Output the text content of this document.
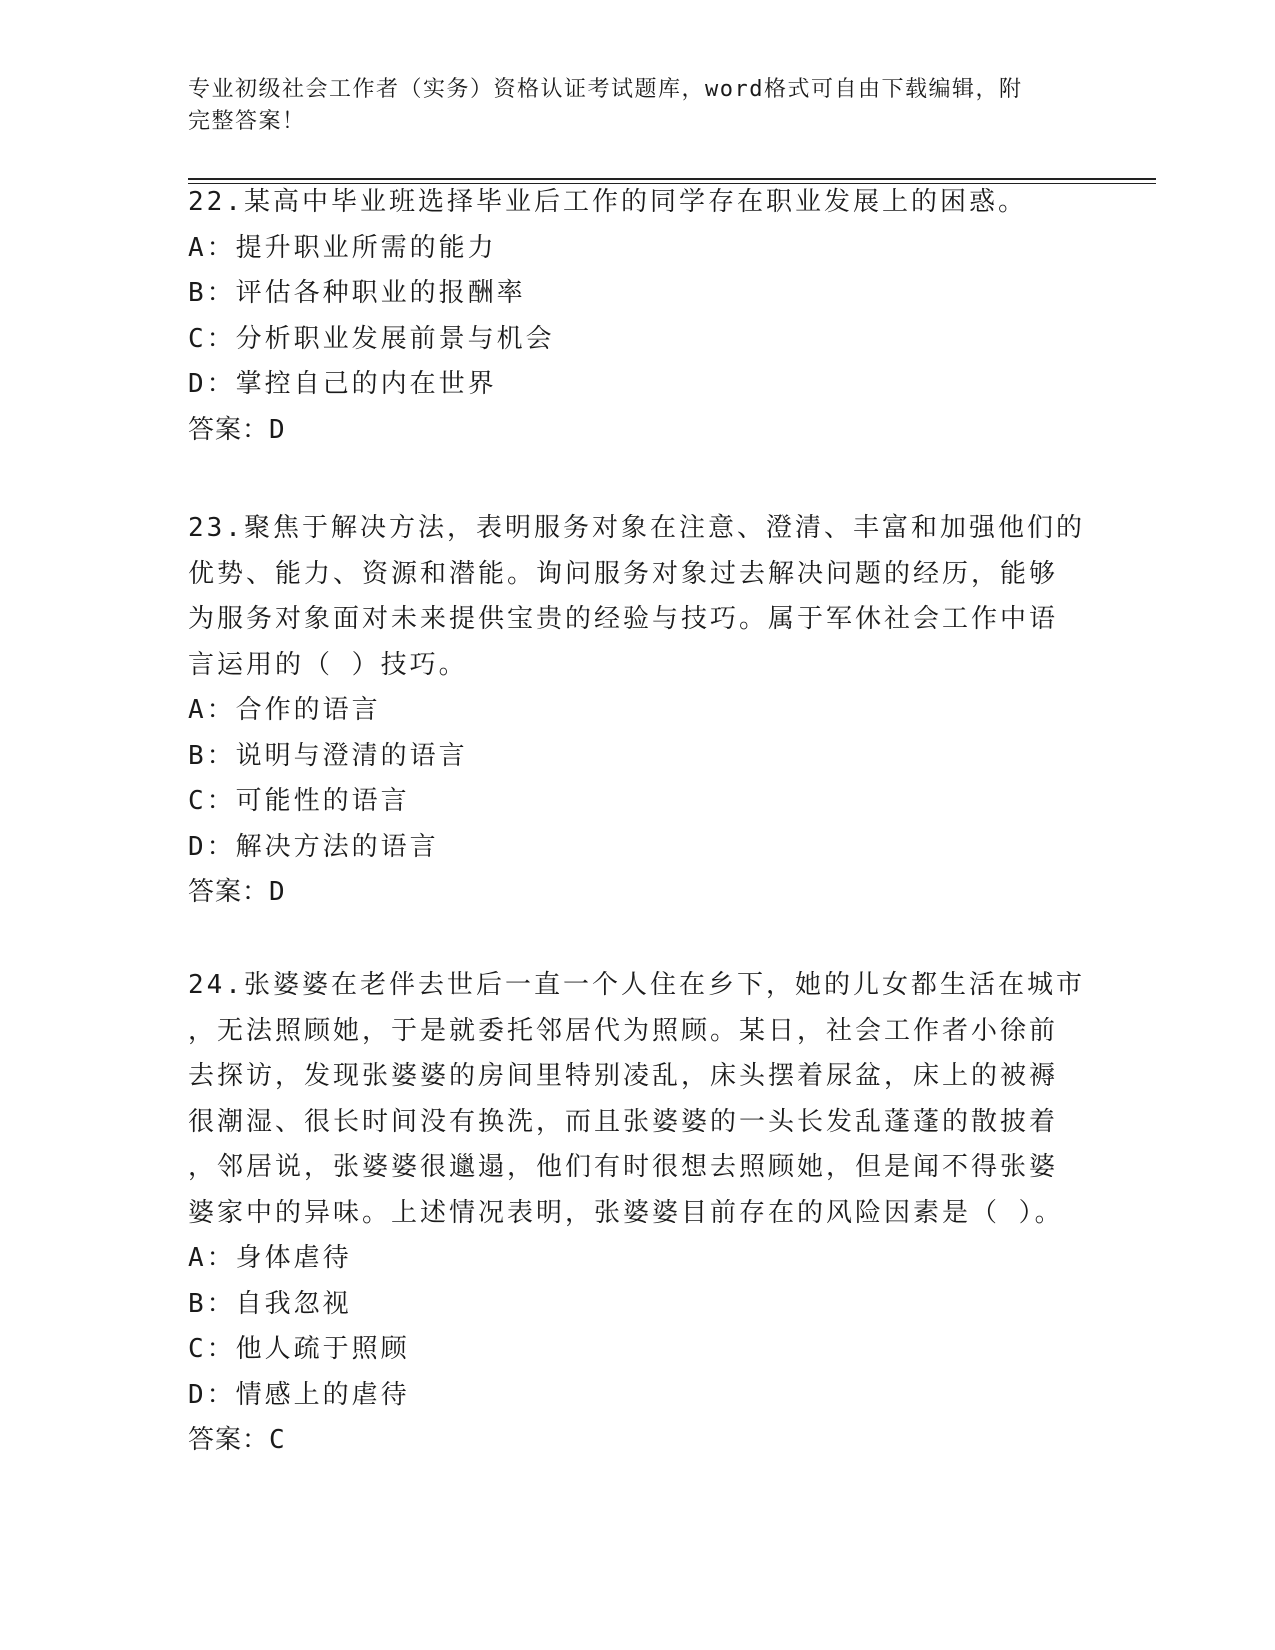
专业初级社会工作者（实务）资格认证考试题库，word格式可自由下载编辑，附
完整答案！

22.某高中毕业班选择毕业后工作的同学存在职业发展上的困惑。

A：提升职业所需的能力

B：评估各种职业的报酬率

C：分析职业发展前景与机会

D：掌控自己的内在世界

答案：D

23.聚焦于解决方法，表明服务对象在注意、澄清、丰富和加强他们的

优势、能力、资源和潜能。询问服务对象过去解决问题的经历，能够

为服务对象面对未来提供宝贵的经验与技巧。属于军休社会工作中语

言运用的（ ）技巧。

A：合作的语言

B：说明与澄清的语言

C：可能性的语言

D：解决方法的语言

答案：D

24.张婆婆在老伴去世后一直一个人住在乡下，她的儿女都生活在城市

，无法照顾她，于是就委托邻居代为照顾。某日，社会工作者小徐前

去探访，发现张婆婆的房间里特别凌乱，床头摆着尿盆，床上的被褥

很潮湿、很长时间没有换洗，而且张婆婆的一头长发乱蓬蓬的散披着

，邻居说，张婆婆很邋遢，他们有时很想去照顾她，但是闻不得张婆

婆家中的异味。上述情况表明，张婆婆目前存在的风险因素是（ ）。

A：身体虐待

B：自我忽视

C：他人疏于照顾

D：情感上的虐待

答案：C
